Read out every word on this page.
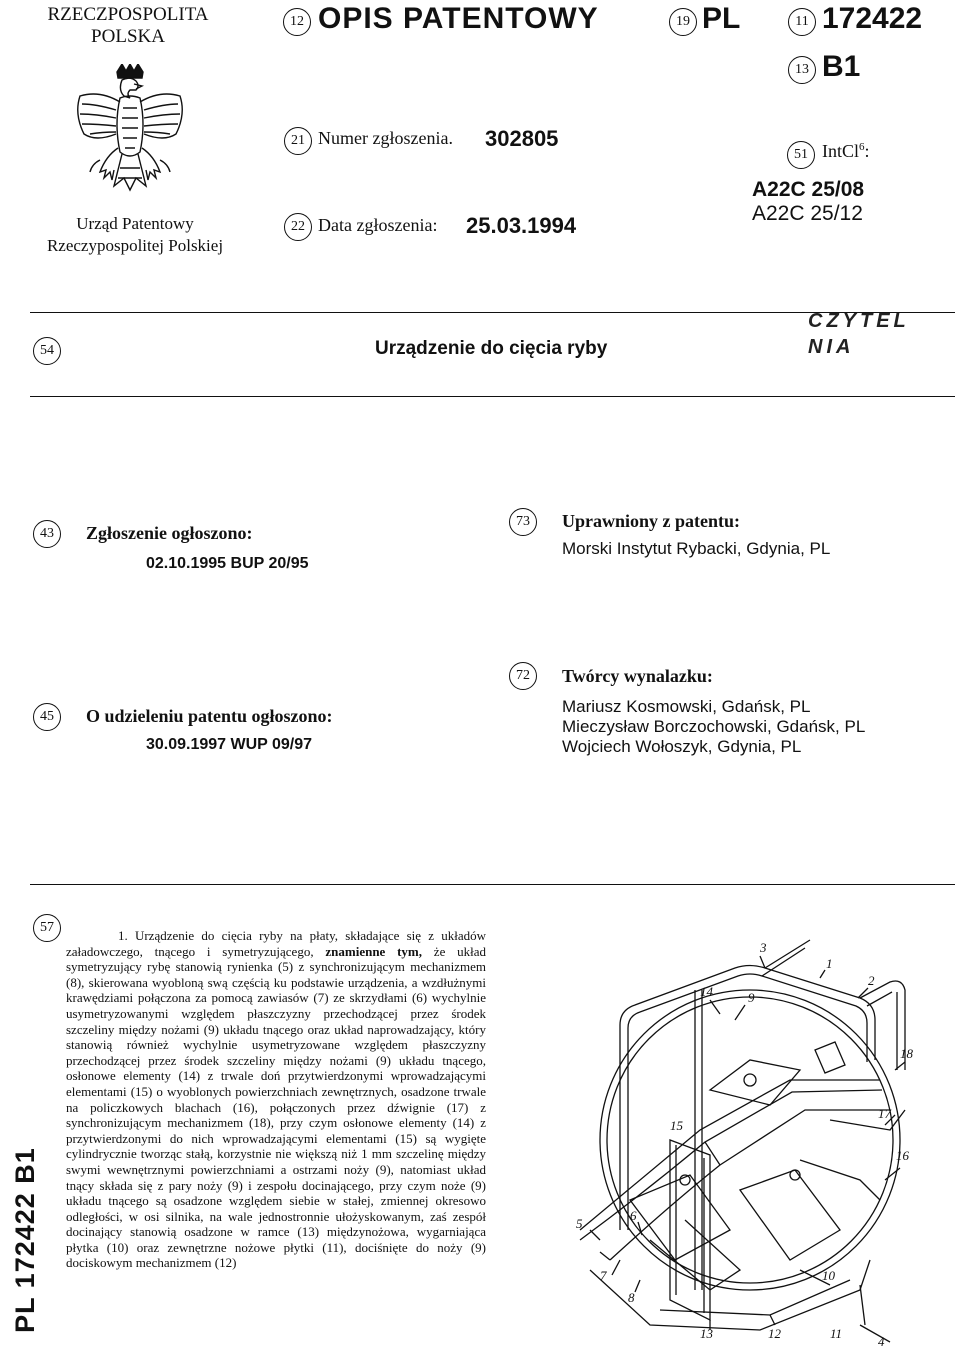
RZECZPOSPOLITA
POLSKA
Urząd Patentowy
Rzeczypospolitej Polskiej
12 OPIS PATENTOWY	19 PL	11 172422
13 B1
21 Numer zgłoszenia. 302805
22 Data zgłoszenia: 25.03.1994
51 IntCl$^6$:
A22C 25/08
A22C 25/12
54	Urządzenie do cięcia ryby
CZYTELNIA
43	Zgłoszenie ogłoszono:
02.10.1995 BUP 20/95
73	Uprawniony z patentu:
Morski Instytut Rybacki, Gdynia, PL
45	O udzieleniu patentu ogłoszono:
30.09.1997 WUP 09/97
72	Twórcy wynalazku:
Mariusz Kosmowski, Gdańsk, PL
Mieczysław Borczochowski, Gdańsk, PL
Wojciech Wołoszyk, Gdynia, PL
57
1. Urządzenie do cięcia ryby na płaty, składające się z układów załadowczego, tnącego i symetryzującego, znamienne tym, że układ symetryzujący rybę stanowią rynienka (5) z synchronizującym mechanizmem (8), skierowana wyobloną swą częścią ku podstawie urządzenia, a wzdłużnymi krawędziami połączona za pomocą zawiasów (7) ze skrzydłami (6) wychylnie usymetryzowanymi względem płaszczyzny przechodzącej przez środek szczeliny między nożami (9) układu tnącego oraz układ naprowadzający, który stanowią również wychylnie usymetryzowane względem płaszczyzny przechodzącej przez środek szczeliny między nożami (9) układu tnącego, osłonowe elementy (14) z trwale doń przytwierdzonymi wprowadzającymi elementami (15) o wyoblonych powierzchniach zewnętrznych, osadzone trwale na policzkowych blachach (16), połączonych przez dźwignie (17) z synchronizującym mechanizmem (18), przy czym osłonowe elementy (14) z przytwierdzonymi do nich wprowadzającymi elementami (15) są wygięte cylindrycznie tworząc stałą, korzystnie nie większą niż 1 mm szczelinę między swymi wewnętrznymi powierzchniami a ostrzami noży (9), natomiast układ tnący składa się z pary noży (9) i zespołu docinającego, przy czym noże (9) układu tnącego są osadzone względem siebie w stałej, zmiennej okresowo odległości, w osi silnika, na wale jednostronnie ułożyskowanym, zaś zespół docinający stanowią osadzone w ramce (13) międzynożowa, wygarniająca płytka (10) oraz zewnętrzne nożowe płytki (11), dociśnięte do noży (9) dociskowym mechanizmem (12)
3
1
2
14	9
18
15
17
16
5
6
7
8
10
13	12	11
4
PL 172422 B1
